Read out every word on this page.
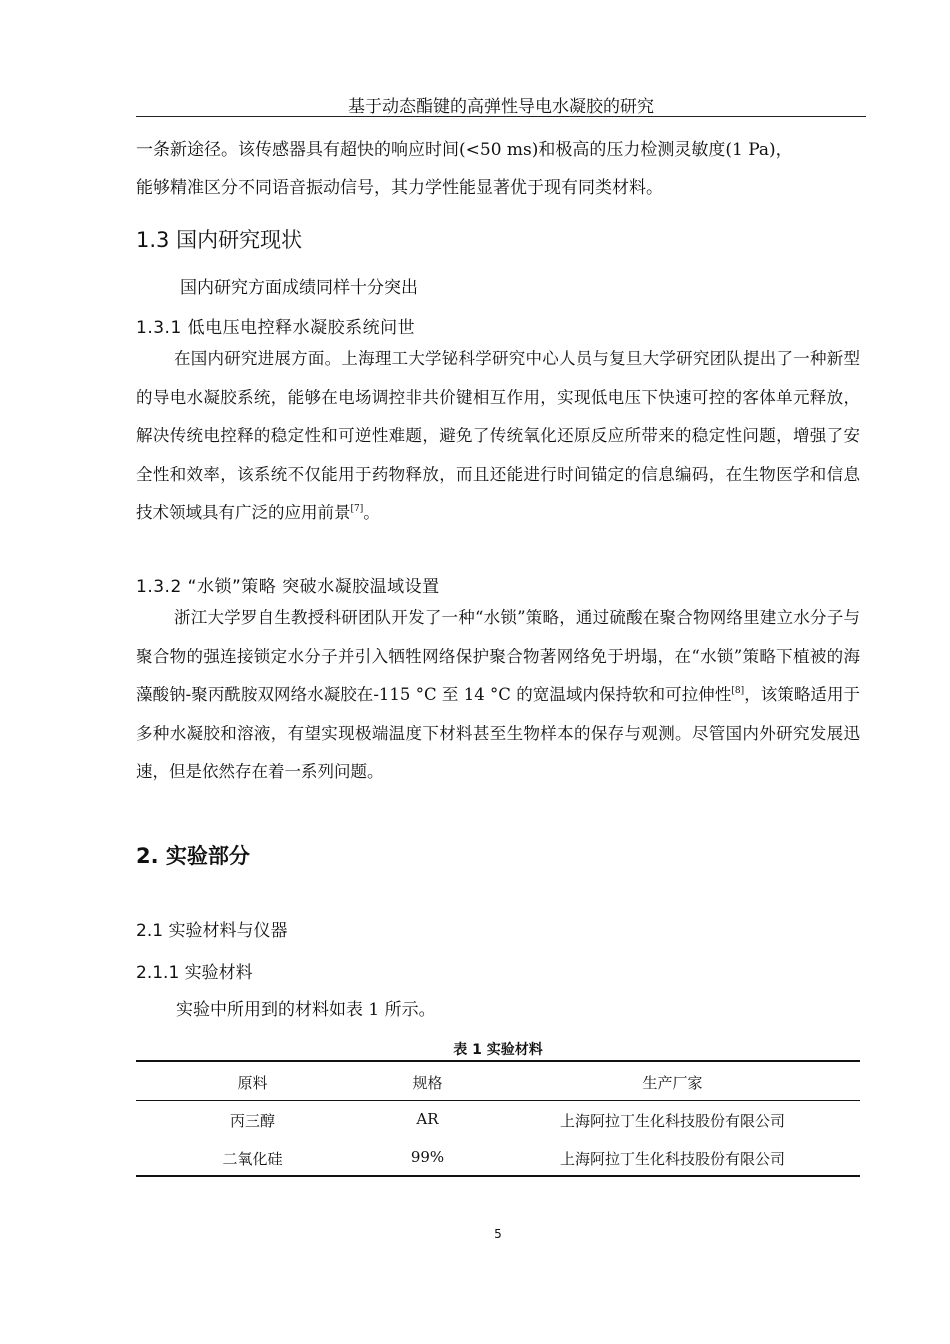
基于动态酯键的高弹性导电水凝胶的研究
一条新途径。该传感器具有超快的响应时间(<50 ms)和极高的压力检测灵敏度(1 Pa)，
能够精准区分不同语音振动信号，其力学性能显著优于现有同类材料。
1.3 国内研究现状
国内研究方面成绩同样十分突出
1.3.1 低电压电控释水凝胶系统问世
在国内研究进展方面。上海理工大学铋科学研究中心人员与复旦大学研究团队提出了一种新型的导电水凝胶系统，能够在电场调控非共价键相互作用，实现低电压下快速可控的客体单元释放，解决传统电控释的稳定性和可逆性难题，避免了传统氧化还原反应所带来的稳定性问题，增强了安全性和效率，该系统不仅能用于药物释放，而且还能进行时间锚定的信息编码，在生物医学和信息技术领域具有广泛的应用前景[7]。
1.3.2 “水锁”策略 突破水凝胶温域设置
浙江大学罗自生教授科研团队开发了一种“水锁”策略，通过硫酸在聚合物网络里建立水分子与聚合物的强连接锁定水分子并引入牺牲网络保护聚合物著网络免于坍塌，在“水锁”策略下植被的海藻酸钠-聚丙酰胺双网络水凝胶在-115 °C 至 14 °C 的宽温域内保持软和可拉伸性[8]，该策略适用于多种水凝胶和溶液，有望实现极端温度下材料甚至生物样本的保存与观测。尽管国内外研究发展迅速，但是依然存在着一系列问题。
2. 实验部分
2.1 实验材料与仪器
2.1.1 实验材料
实验中所用到的材料如表 1 所示。
表 1 实验材料
原料	规格	生产厂家
丙三醇	AR	上海阿拉丁生化科技股份有限公司
二氧化硅	99%	上海阿拉丁生化科技股份有限公司
5
